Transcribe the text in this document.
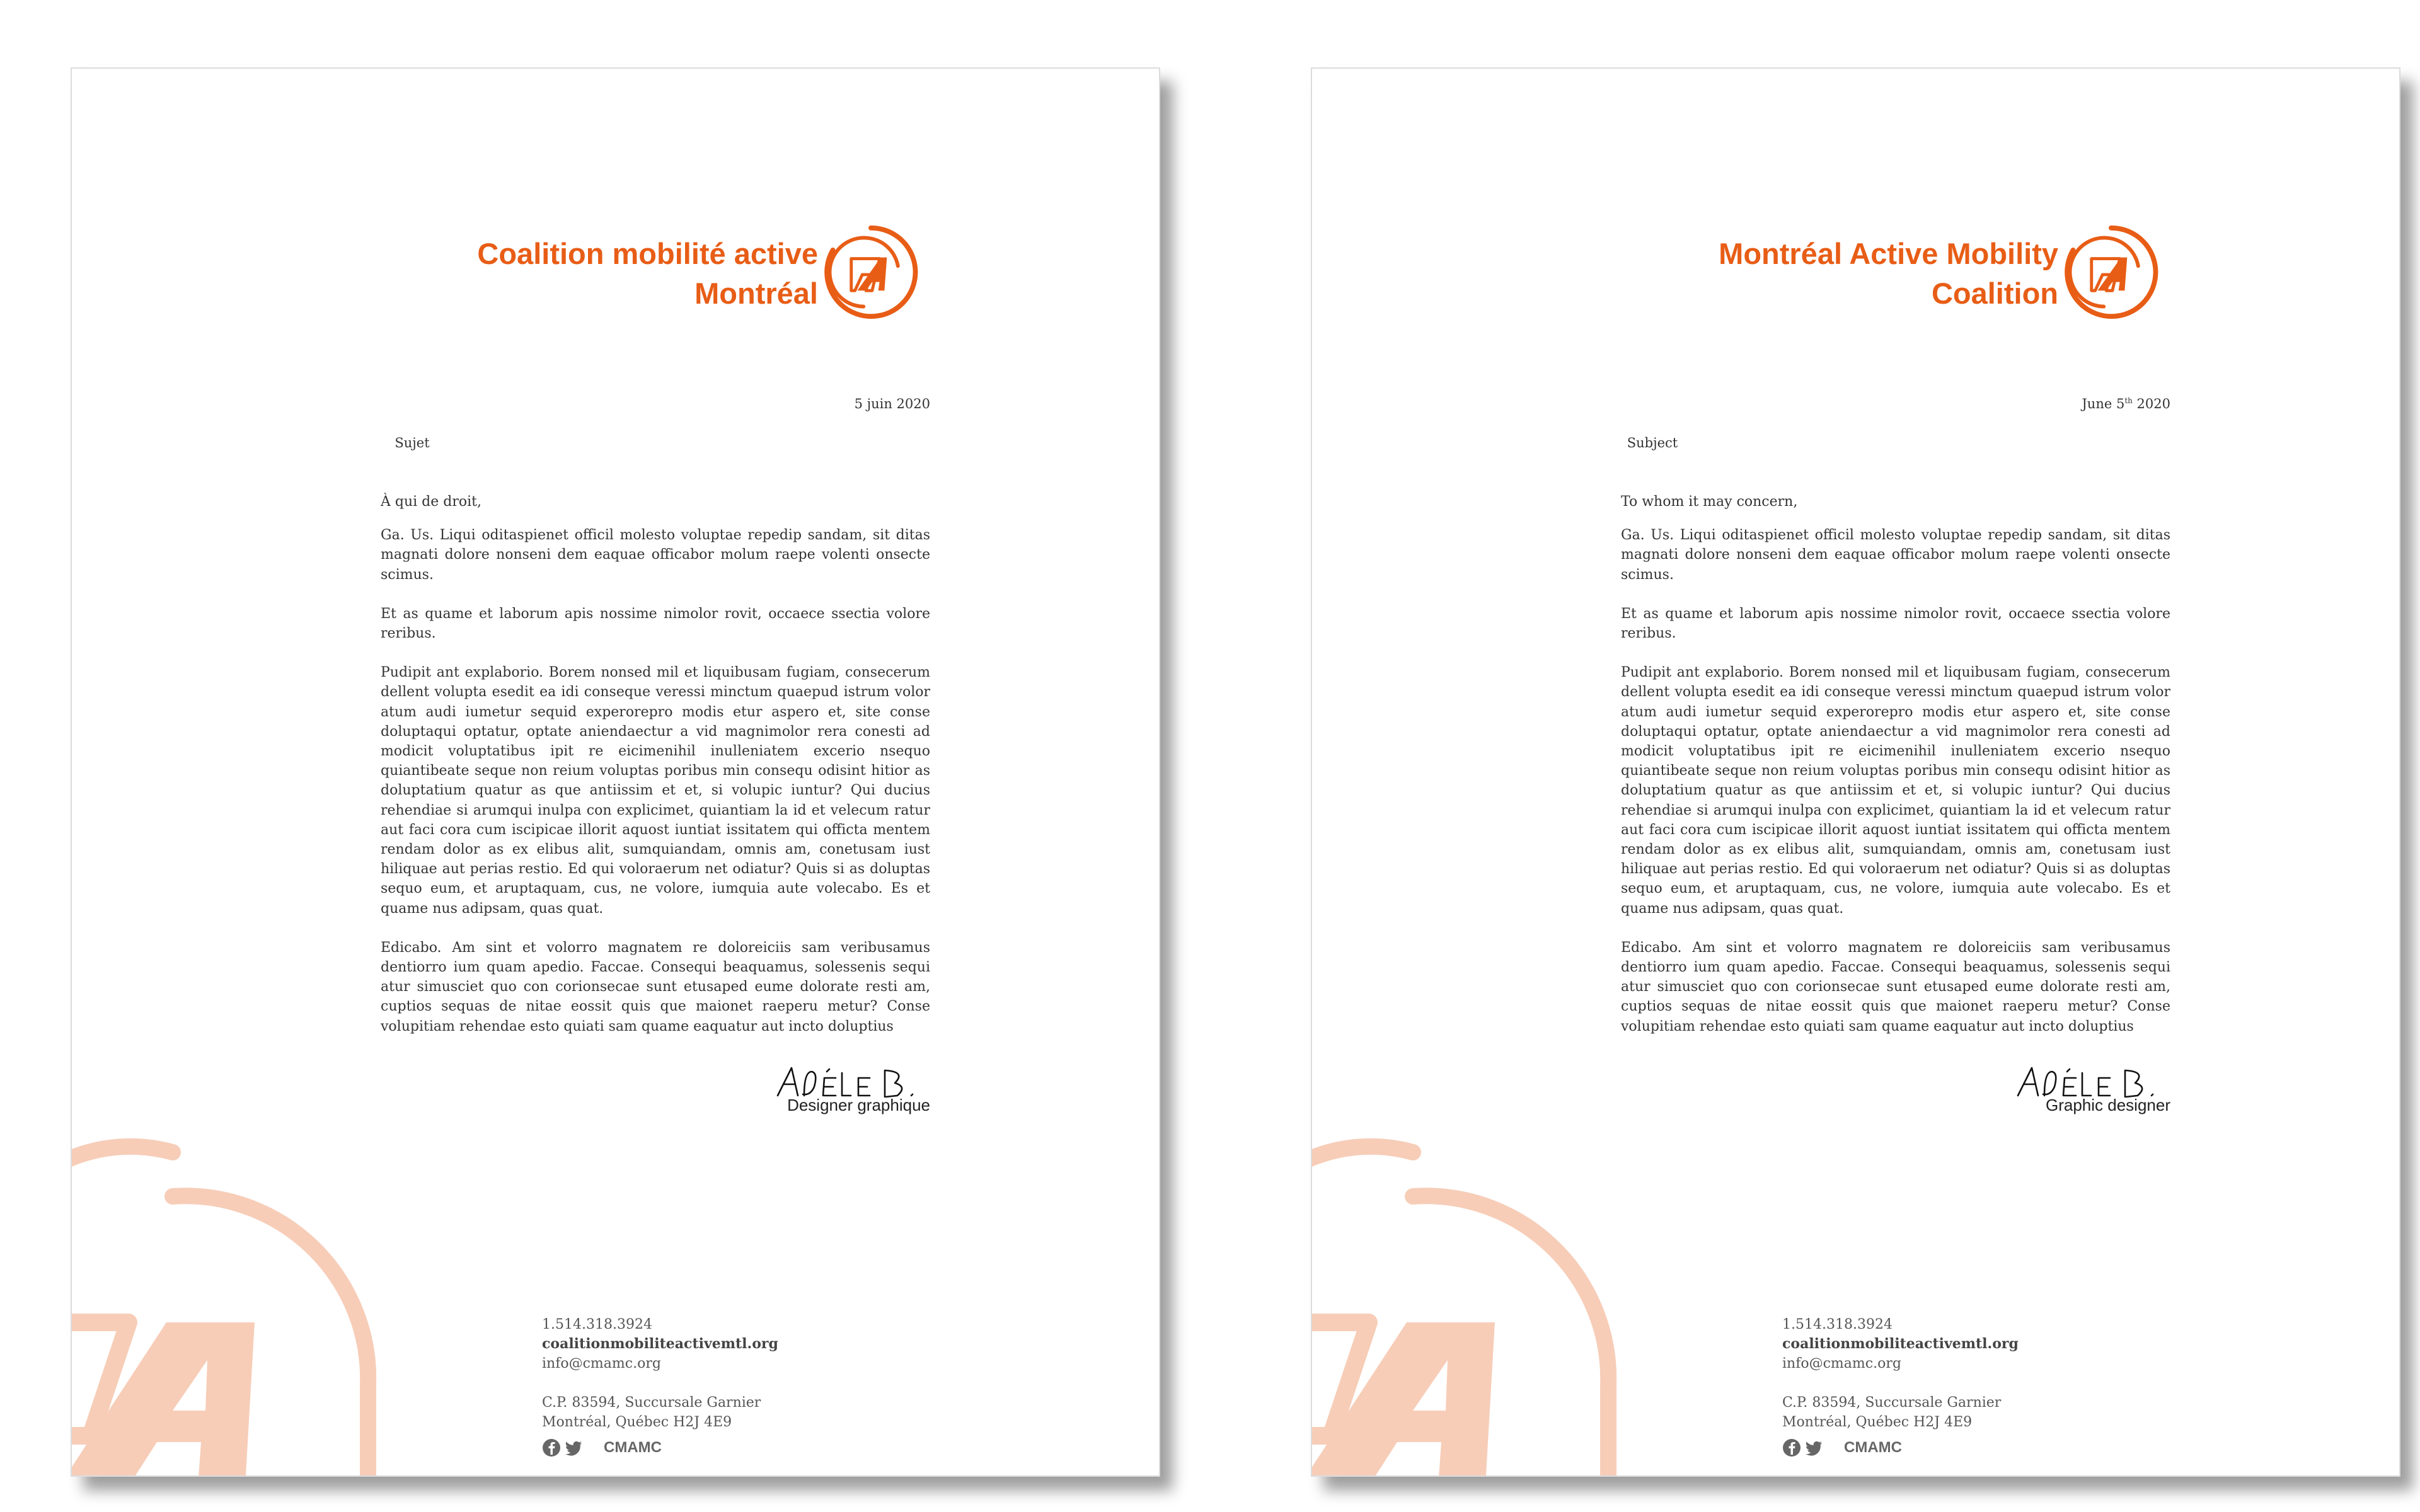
Coalition mobilité active
Montréal
5 juin 2020
Sujet

À qui de droit,

Ga. Us. Liqui oditaspienet officil molesto voluptae repedip sandam, sit ditas magnati dolore nonseni dem eaquae officabor molum raepe volenti onsecte scimus.

Et as quame et laborum apis nossime nimolor rovit, occaece ssectia volore reribus.

Pudipit ant explaborio. Borem nonsed mil et liquibusam fugiam, consecerum dellent volupta esedit ea idi conseque veressi minctum quaepud istrum volor atum audi iumetur sequid experorepro modis etur aspero et, site conse doluptaqui optatur, optate aniendaectur a vid magnimolor rera conesti ad modicit voluptatibus ipit re eicimenihil inulleniatem excerio nsequo quiantibeate seque non reium voluptas poribus min consequ odisint hitior as doluptatium quatur as que antiissim et et, si volupic iuntur? Qui ducius rehendiae si arumqui inulpa con explicimet, quiantiam la id et velecum ratur aut faci cora cum iscipicae illorit aquost iuntiat issitatem qui officta mentem rendam dolor as ex elibus alit, sumquiandam, omnis am, conetusam iust hiliquae aut perias restio. Ed qui voloraerum net odiatur? Quis si as doluptas sequo eum, et aruptaquam, cus, ne volore, iumquia aute volecabo. Es et quame nus adipsam, quas quat.

Edicabo. Am sint et volorro magnatem re doloreiciis sam veribusamus dentiorro ium quam apedio. Faccae. Consequi beaquamus, solessenis sequi atur simusciet quo con corionsecae sunt etusaped eume dolorate resti am, cuptios sequas de nitae eossit quis que maionet raeperu metur? Conse volupitiam rehendae esto quiati sam quame eaquatur aut incto doluptius

Designer graphique
1.514.318.3924
coalitionmobiliteactivemtl.org
info@cmamc.org
C.P. 83594, Succursale Garnier
Montréal, Québec H2J 4E9
CMAMC
Montréal Active Mobility
Coalition
June 5th 2020
Subject

To whom it may concern,

Ga. Us. Liqui oditaspienet officil molesto voluptae repedip sandam, sit ditas magnati dolore nonseni dem eaquae officabor molum raepe volenti onsecte scimus.

Et as quame et laborum apis nossime nimolor rovit, occaece ssectia volore reribus.

Pudipit ant explaborio. Borem nonsed mil et liquibusam fugiam, consecerum dellent volupta esedit ea idi conseque veressi minctum quaepud istrum volor atum audi iumetur sequid experorepro modis etur aspero et, site conse doluptaqui optatur, optate aniendaectur a vid magnimolor rera conesti ad modicit voluptatibus ipit re eicimenihil inulleniatem excerio nsequo quiantibeate seque non reium voluptas poribus min consequ odisint hitior as doluptatium quatur as que antiissim et et, si volupic iuntur? Qui ducius rehendiae si arumqui inulpa con explicimet, quiantiam la id et velecum ratur aut faci cora cum iscipicae illorit aquost iuntiat issitatem qui officta mentem rendam dolor as ex elibus alit, sumquiandam, omnis am, conetusam iust hiliquae aut perias restio. Ed qui voloraerum net odiatur? Quis si as doluptas sequo eum, et aruptaquam, cus, ne volore, iumquia aute volecabo. Es et quame nus adipsam, quas quat.

Edicabo. Am sint et volorro magnatem re doloreiciis sam veribusamus dentiorro ium quam apedio. Faccae. Consequi beaquamus, solessenis sequi atur simusciet quo con corionsecae sunt etusaped eume dolorate resti am, cuptios sequas de nitae eossit quis que maionet raeperu metur? Conse volupitiam rehendae esto quiati sam quame eaquatur aut incto doluptius

Graphic designer
1.514.318.3924
coalitionmobiliteactivemtl.org
info@cmamc.org
C.P. 83594, Succursale Garnier
Montréal, Québec H2J 4E9
CMAMC
